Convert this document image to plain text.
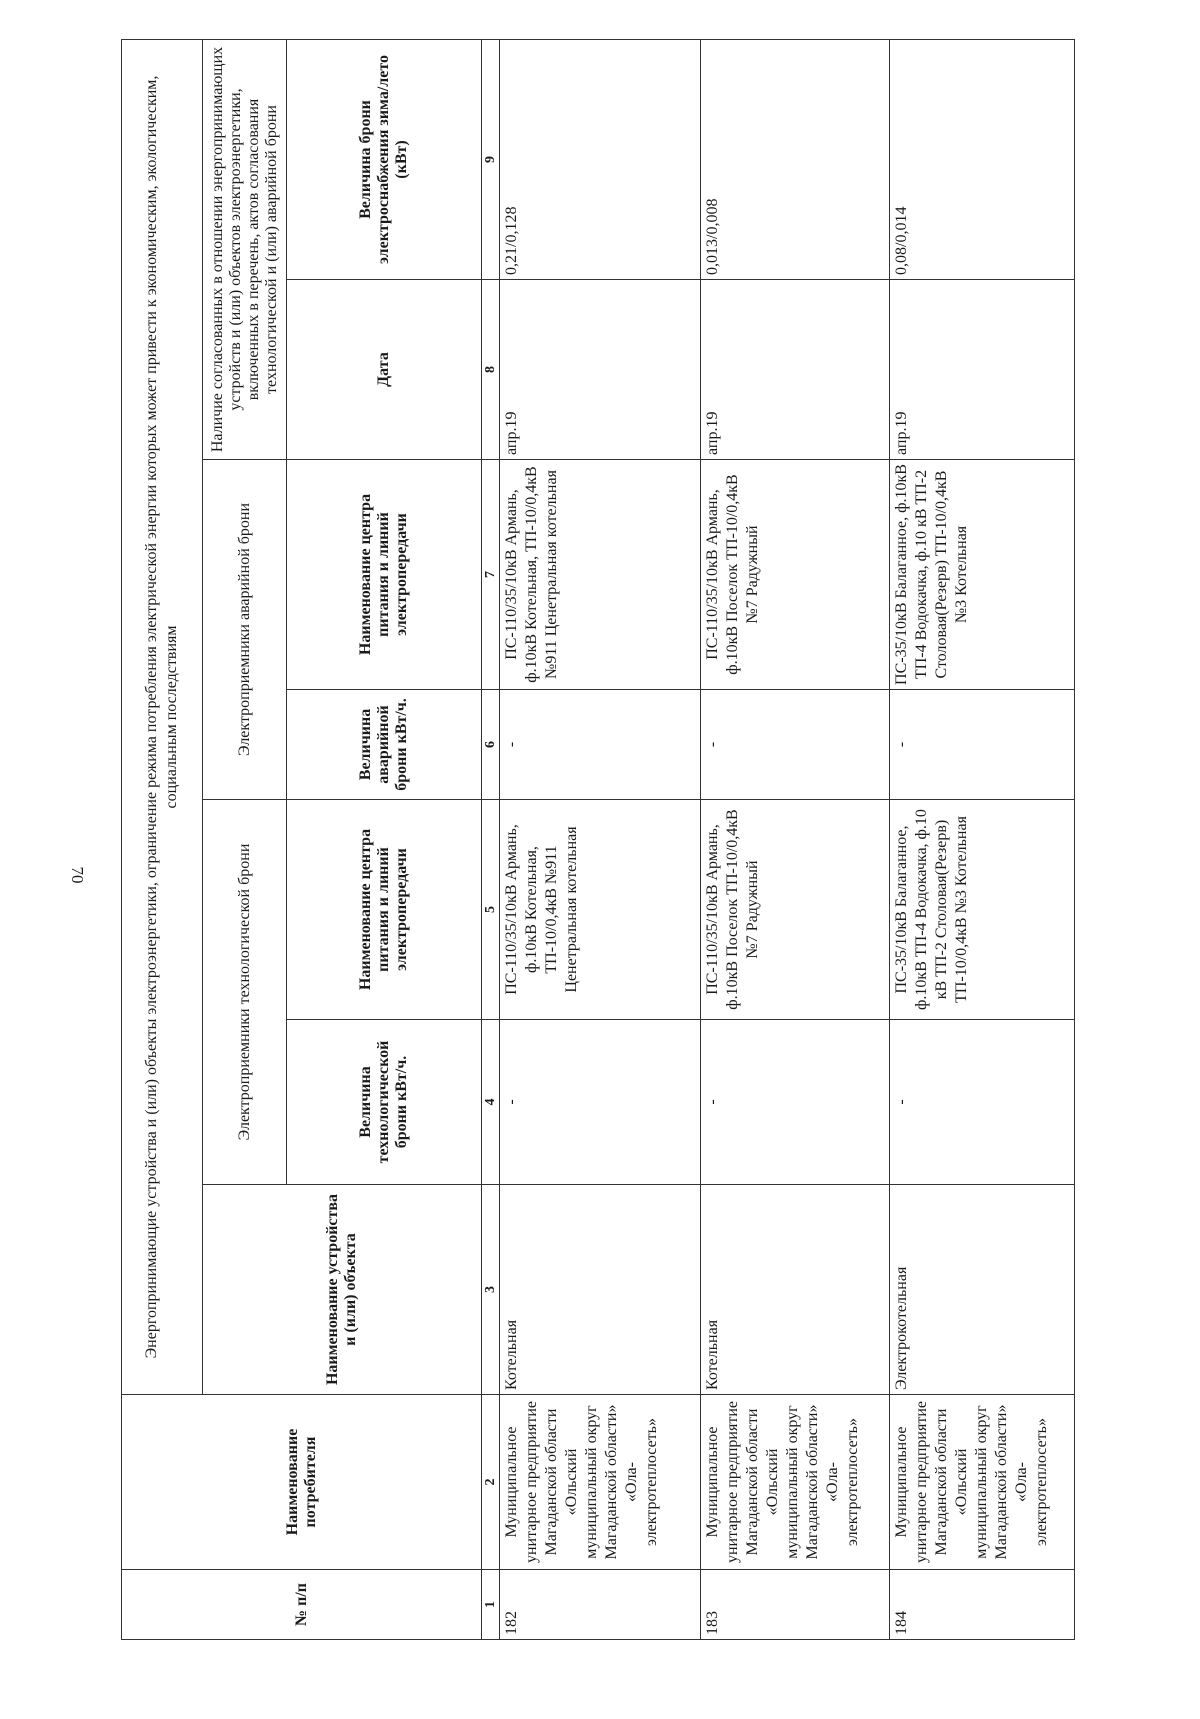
70
№ п/п	Наименование потребителя	Энергопринимающие устройства и (или) объекты электроэнергетики, ограничение режима потребления электрической энергии которых может привести к экономическим, экологическим, социальным последствиям						
		Наименование устройства и (или) объекта	Электроприемники технологической брони		Электроприемники аварийной брони		Наличие согласованных в отношении энергопринимающих устройств и (или) объектов электроэнергетики, включенных в перечень, актов согласования технологической и (или) аварийной брони	
			Величина технологической брони кВт/ч.	Наименование центра питания и линий электропередачи	Величина аварийной брони кВт/ч.	Наименование центра питания и линий электропередачи	Дата	Величина брони электроснабжения зима/лето (кВт)
1	2	3	4	5	6	7	8	9
182	Муниципальное унитарное предприятие Магаданской области «Ольский муниципальный округ Магаданской области» «Ола-электротеплосеть»	Котельная	-	ПС-110/35/10кВ Армань, ф.10кВ Котельная, ТП-10/0,4кВ №911 Ценетральная котельная	-	ПС-110/35/10кВ Армань, ф.10кВ Котельная, ТП-10/0,4кВ №911 Ценетральная котельная	апр.19	0,21/0,128
183	Муниципальное унитарное предприятие Магаданской области «Ольский муниципальный округ Магаданской области» «Ола-электротеплосеть»	Котельная	-	ПС-110/35/10кВ Армань, ф.10кВ Поселок ТП-10/0,4кВ №7 Радужный	-	ПС-110/35/10кВ Армань, ф.10кВ Поселок ТП-10/0,4кВ №7 Радужный	апр.19	0,013/0,008
184	Муниципальное унитарное предприятие Магаданской области «Ольский муниципальный округ Магаданской области» «Ола-электротеплосеть»	Электрокотельная	-	ПС-35/10кВ Балаганное, ф.10кВ ТП-4 Водокачка, ф.10 кВ ТП-2 Столовая(Резерв) ТП-10/0,4кВ №3 Котельная	-	ПС-35/10кВ Балаганное, ф.10кВ ТП-4 Водокачка, ф.10 кВ ТП-2 Столовая(Резерв) ТП-10/0,4кВ №3 Котельная	апр.19	0,08/0,014
